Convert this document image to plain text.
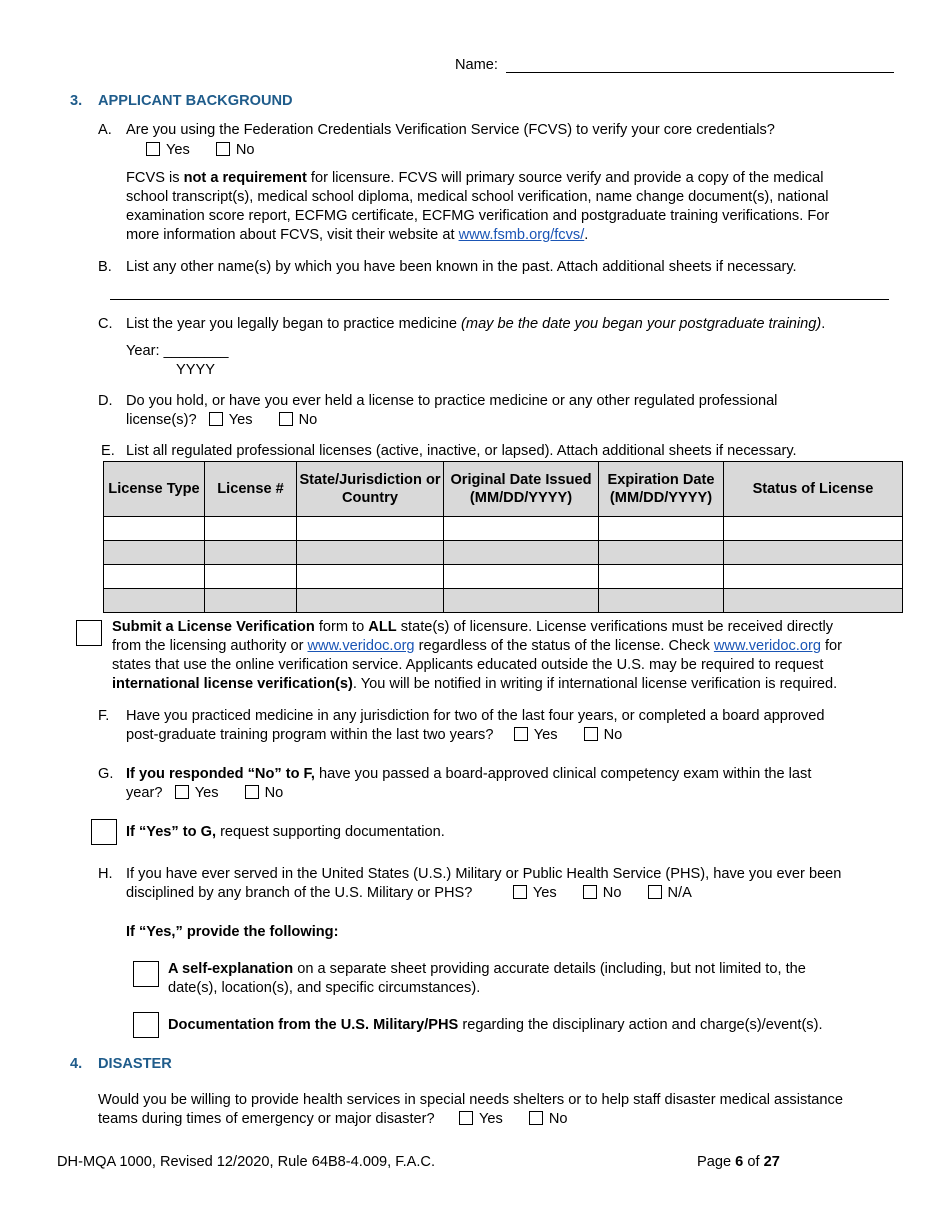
Name:
3. APPLICANT BACKGROUND
A. Are you using the Federation Credentials Verification Service (FCVS) to verify your core credentials?
Yes	No
FCVS is not a requirement for licensure. FCVS will primary source verify and provide a copy of the medical
school transcript(s), medical school diploma, medical school verification, name change document(s), national
examination score report, ECFMG certificate, ECFMG verification and postgraduate training verifications. For
more information about FCVS, visit their website at www.fsmb.org/fcvs/.
B. List any other name(s) by which you have been known in the past. Attach additional sheets if necessary.
C. List the year you legally began to practice medicine (may be the date you began your postgraduate training).
Year: ________
YYYY
D. Do you hold, or have you ever held a license to practice medicine or any other regulated professional
license(s)? Yes	No
E. List all regulated professional licenses (active, inactive, or lapsed). Attach additional sheets if necessary.
License Type	License #	State/Jurisdiction or Country	Original Date Issued (MM/DD/YYYY)	Expiration Date (MM/DD/YYYY)	Status of License

Submit a License Verification form to ALL state(s) of licensure. License verifications must be received directly
from the licensing authority or www.veridoc.org regardless of the status of the license. Check www.veridoc.org for
states that use the online verification service. Applicants educated outside the U.S. may be required to request
international license verification(s). You will be notified in writing if international license verification is required.
F. Have you practiced medicine in any jurisdiction for two of the last four years, or completed a board approved
post-graduate training program within the last two years?	Yes	No
G. If you responded “No” to F, have you passed a board-approved clinical competency exam within the last
year? Yes	No
If “Yes” to G, request supporting documentation.
H. If you have ever served in the United States (U.S.) Military or Public Health Service (PHS), have you ever been
disciplined by any branch of the U.S. Military or PHS?	Yes	No	N/A
If “Yes,” provide the following:
A self-explanation on a separate sheet providing accurate details (including, but not limited to, the
date(s), location(s), and specific circumstances).
Documentation from the U.S. Military/PHS regarding the disciplinary action and charge(s)/event(s).
4. DISASTER
Would you be willing to provide health services in special needs shelters or to help staff disaster medical assistance
teams during times of emergency or major disaster?	Yes	No
DH-MQA 1000, Revised 12/2020, Rule 64B8-4.009, F.A.C.	Page 6 of 27
